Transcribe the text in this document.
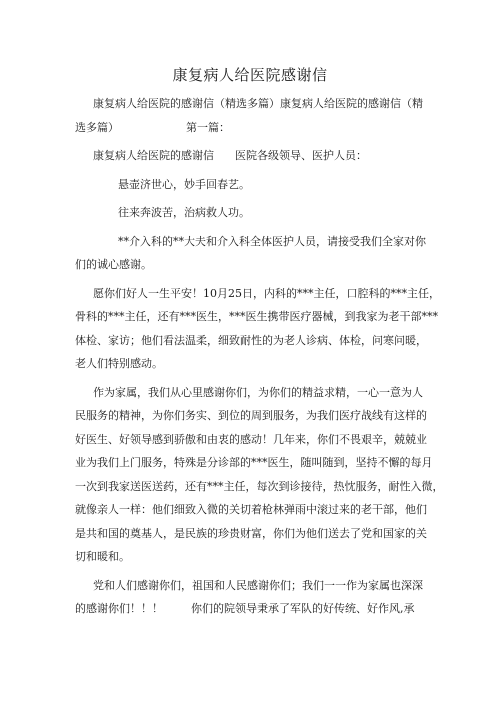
康复病人给医院感谢信
康复病人给医院的感谢信（精选多篇）康复病人给医院的感谢信（精
选多篇）	第一篇：
康复病人给医院的感谢信 医院各级领导、医护人员：
悬壶济世心，妙手回春艺。
往来奔波苦，治病救人功。
**介入科的**大夫和介入科全体医护人员，请接受我们全家对你
们的诚心感谢。
愿你们好人一生平安！10月25日，内科的***主任，口腔科的***主任，
骨科的***主任，还有***医生，***医生携带医疗器械，到我家为老干部***
体检、家访；他们看法温柔，细致耐性的为老人诊病、体检，问寒问暖，
老人们特别感动。
作为家属，我们从心里感谢你们，为你们的精益求精，一心一意为人
民服务的精神，为你们务实、到位的周到服务，为我们医疗战线有这样的
好医生、好领导感到骄傲和由衷的感动！几年来，你们不畏艰辛，兢兢业
业为我们上门服务，特殊是分诊部的***医生，随叫随到，坚持不懈的每月
一次到我家送医送药，还有***主任，每次到诊接待，热忱服务，耐性入微，
就像亲人一样：他们细致入微的关切着枪林弹雨中滚过来的老干部，他们
是共和国的奠基人，是民族的珍贵财富，你们为他们送去了党和国家的关
切和暖和。
党和人们感谢你们，祖国和人民感谢你们；我们一一作为家属也深深
的感谢你们！！！	你们的院领导秉承了军队的好传统、好作风,承
